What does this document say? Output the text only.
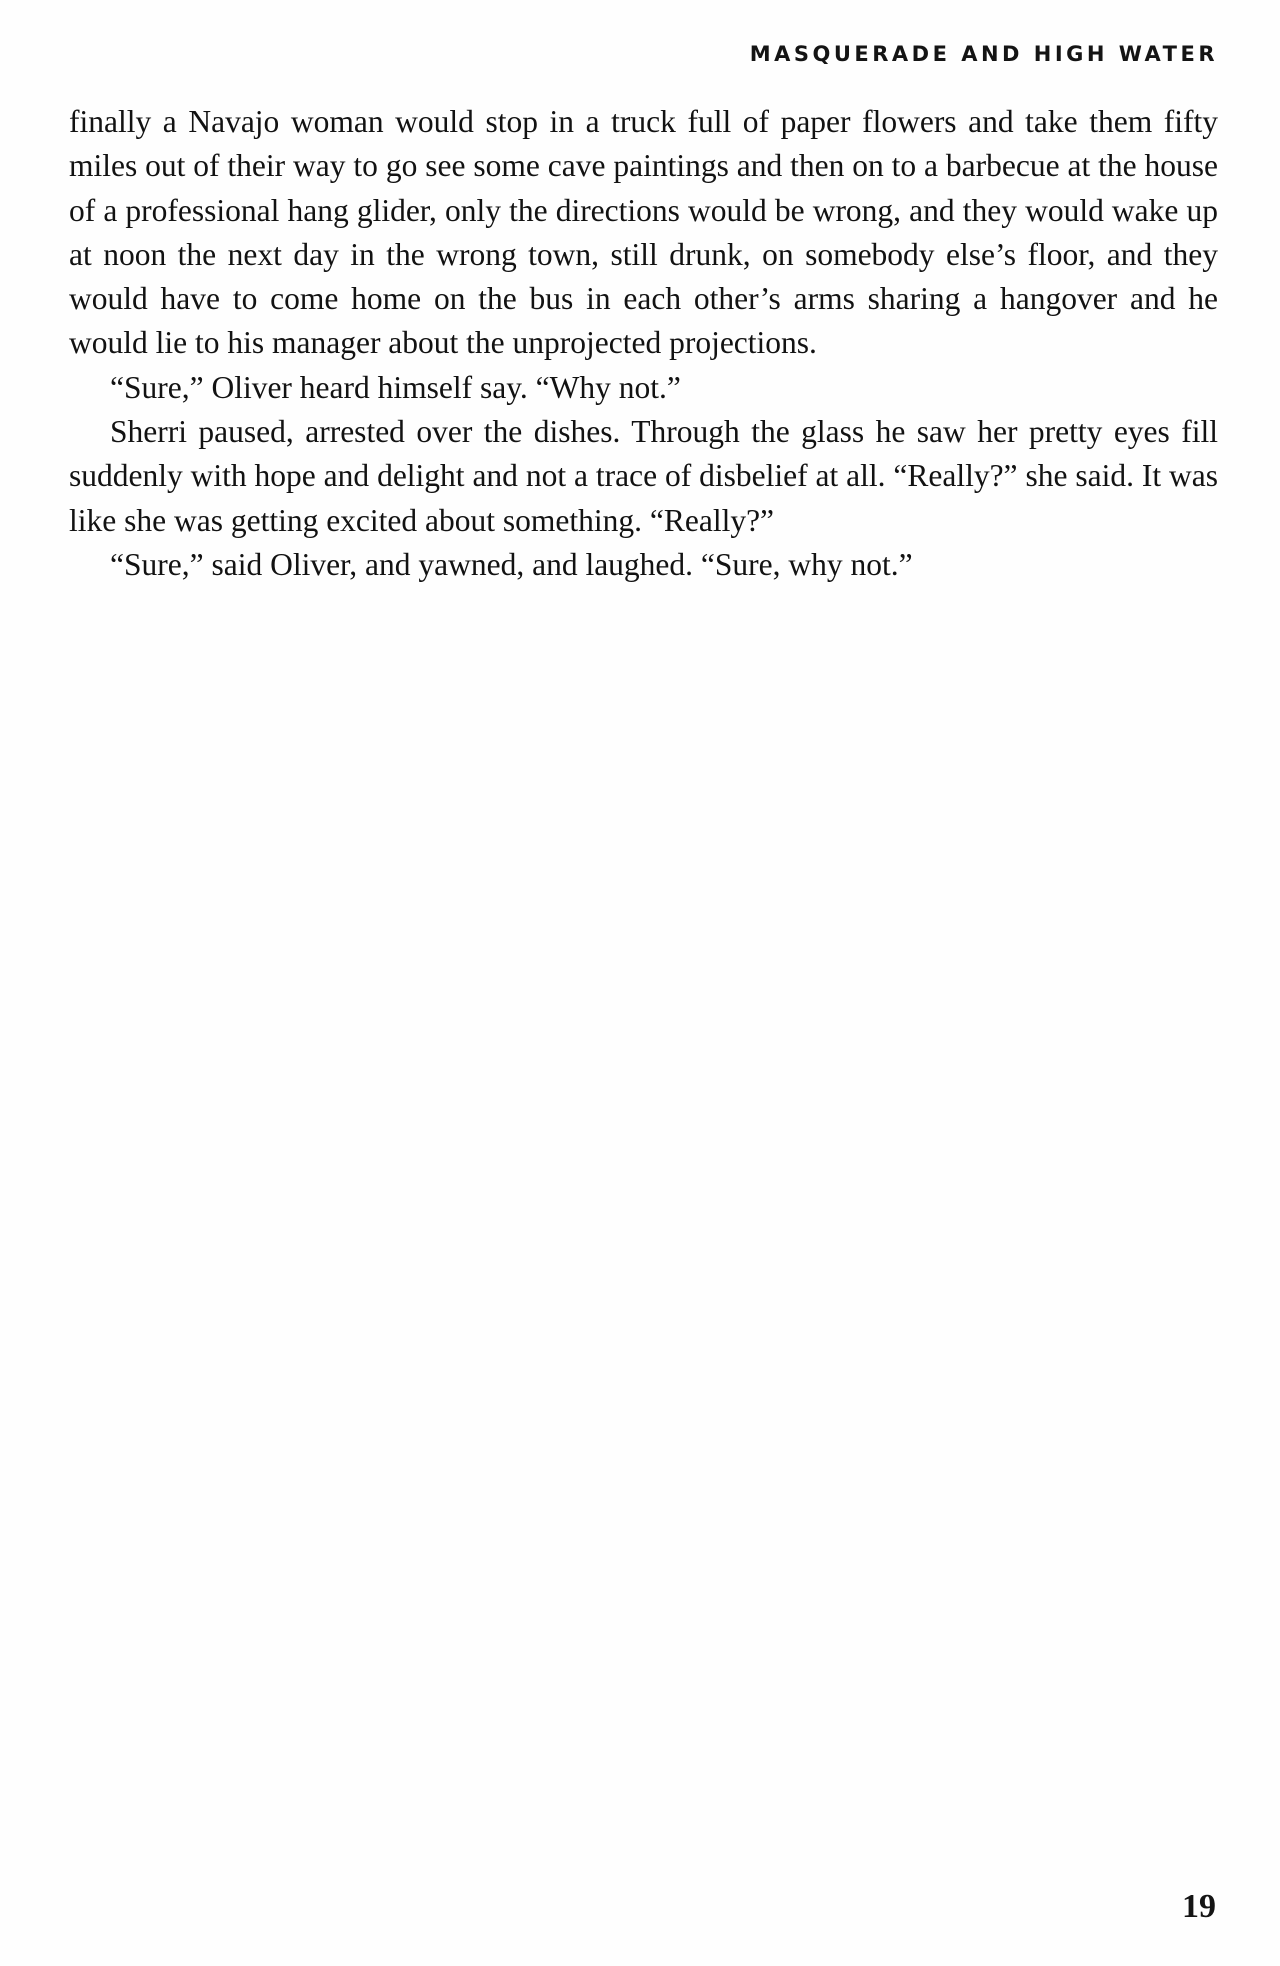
MASQUERADE AND HIGH WATER

finally a Navajo woman would stop in a truck full of paper flowers and take them fifty miles out of their way to go see some cave paintings and then on to a barbecue at the house of a professional hang glider, only the directions would be wrong, and they would wake up at noon the next day in the wrong town, still drunk, on somebody else’s floor, and they would have to come home on the bus in each other’s arms sharing a hangover and he would lie to his manager about the unprojected projections.

“Sure,” Oliver heard himself say. “Why not.”

Sherri paused, arrested over the dishes. Through the glass he saw her pretty eyes fill suddenly with hope and delight and not a trace of disbelief at all. “Really?” she said. It was like she was getting excited about something. “Really?”

“Sure,” said Oliver, and yawned, and laughed. “Sure, why not.”

19
